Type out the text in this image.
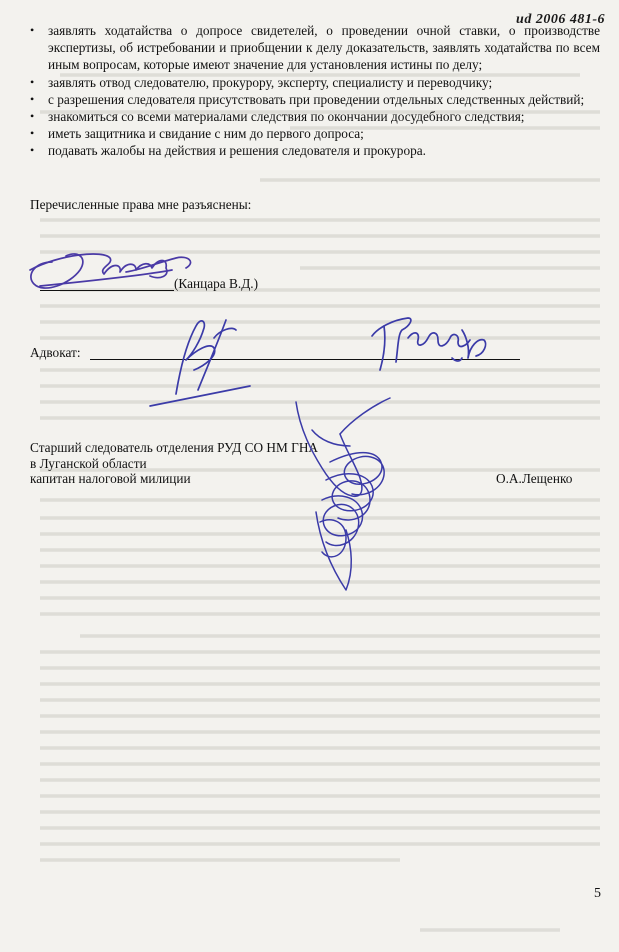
ud 2006 481-6
• заявлять ходатайства о допросе свидетелей, о проведении очной ставки, о производстве экспертизы, об истребовании и приобщении к делу доказательств, заявлять ходатайства по всем иным вопросам, которые имеют значение для установления истины по делу;
• заявлять отвод следователю, прокурору, эксперту, специалисту и переводчику;
• с разрешения следователя присутствовать при проведении отдельных следственных действий;
• знакомиться со всеми материалами следствия по окончании досудебного следствия;
• иметь защитника и свидание с ним до первого допроса;
• подавать жалобы на действия и решения следователя и прокурора.
Перечисленные права мне разъяснены:
(Канцара В.Д.)
Адвокат:
Старший следователь отделения РУД СО НМ ГНА
в Луганской области
капитан налоговой милиции	О.А.Лещенко
5
